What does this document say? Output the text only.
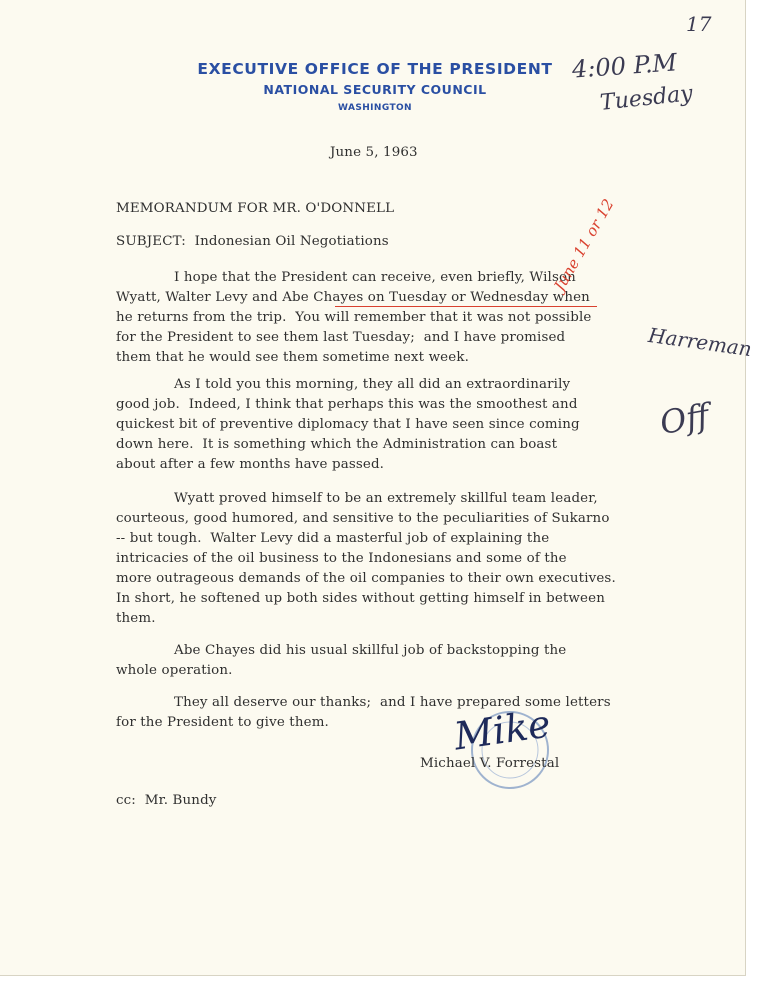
EXECUTIVE OFFICE OF THE PRESIDENT
NATIONAL SECURITY COUNCIL
WASHINGTON
17
4:00 P.M
Tuesday
June 5, 1963
MEMORANDUM FOR MR. O'DONNELL
SUBJECT:  Indonesian Oil Negotiations
I hope that the President can receive, even briefly, Wilson
Wyatt, Walter Levy and Abe Chayes on Tuesday or Wednesday when
he returns from the trip.  You will remember that it was not possible
for the President to see them last Tuesday;  and I have promised
them that he would see them sometime next week.
As I told you this morning, they all did an extraordinarily
good job.  Indeed, I think that perhaps this was the smoothest and
quickest bit of preventive diplomacy that I have seen since coming
down here.  It is something which the Administration can boast
about after a few months have passed.
Wyatt proved himself to be an extremely skillful team leader,
courteous, good humored, and sensitive to the peculiarities of Sukarno
-- but tough.  Walter Levy did a masterful job of explaining the
intricacies of the oil business to the Indonesians and some of the
more outrageous demands of the oil companies to their own executives.
In short, he softened up both sides without getting himself in between
them.
Abe Chayes did his usual skillful job of backstopping the
whole operation.
They all deserve our thanks;  and I have prepared some letters
for the President to give them.
June 11 or 12
Harreman
Off
Mike
Michael V. Forrestal
cc:  Mr. Bundy
